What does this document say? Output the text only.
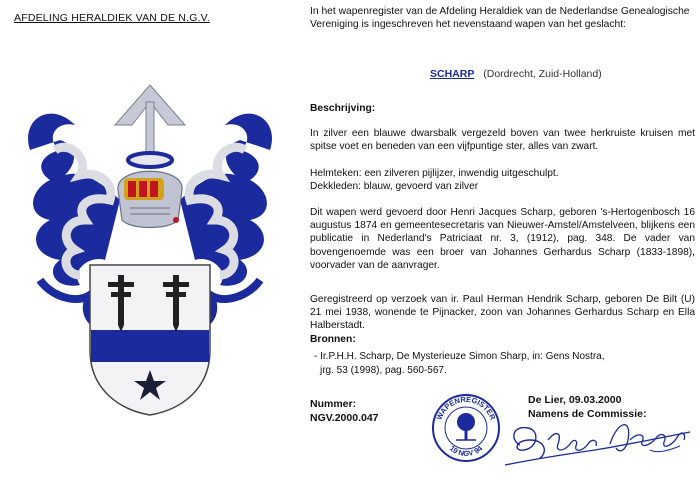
AFDELING HERALDIEK VAN DE N.G.V.
In het wapenregister van de Afdeling Heraldiek van de Nederlandse Genealogische Vereniging is ingeschreven het nevenstaand wapen van het geslacht:
SCHARP (Dordrecht, Zuid-Holland)
Beschrijving:
In zilver een blauwe dwarsbalk vergezeld boven van twee herkruiste kruisen met spitse voet en beneden van een vijfpuntige ster, alles van zwart.
Helmteken: een zilveren pijlijzer, inwendig uitgeschulpt.
Dekkleden: blauw, gevoerd van zilver
Dit wapen werd gevoerd door Henri Jacques Scharp, geboren 's-Hertogenbosch 16 augustus 1874 en gemeentesecretaris van Nieuwer-Amstel/Amstelveen, blijkens een publicatie in Nederland's Patriciaat nr. 3, (1912), pag. 348. De vader van bovengenoemde was een broer van Johannes Gerhardus Scharp (1833-1898), voorvader van de aanvrager.
Geregistreerd op verzoek van ir. Paul Herman Hendrik Scharp, geboren De Bilt (U) 21 mei 1938, wonende te Pijnacker, zoon van Johannes Gerhardus Scharp en Ella Halberstadt.
Bronnen:
- Ir.P.H.H. Scharp, De Mysterieuze Simon Sharp, in: Gens Nostra,
jrg. 53 (1998), pag. 560-567.
Nummer:
NGV.2000.047	WAPENREGISTER
19 NGV 94
De Lier, 09.03.2000
Namens de Commissie:
